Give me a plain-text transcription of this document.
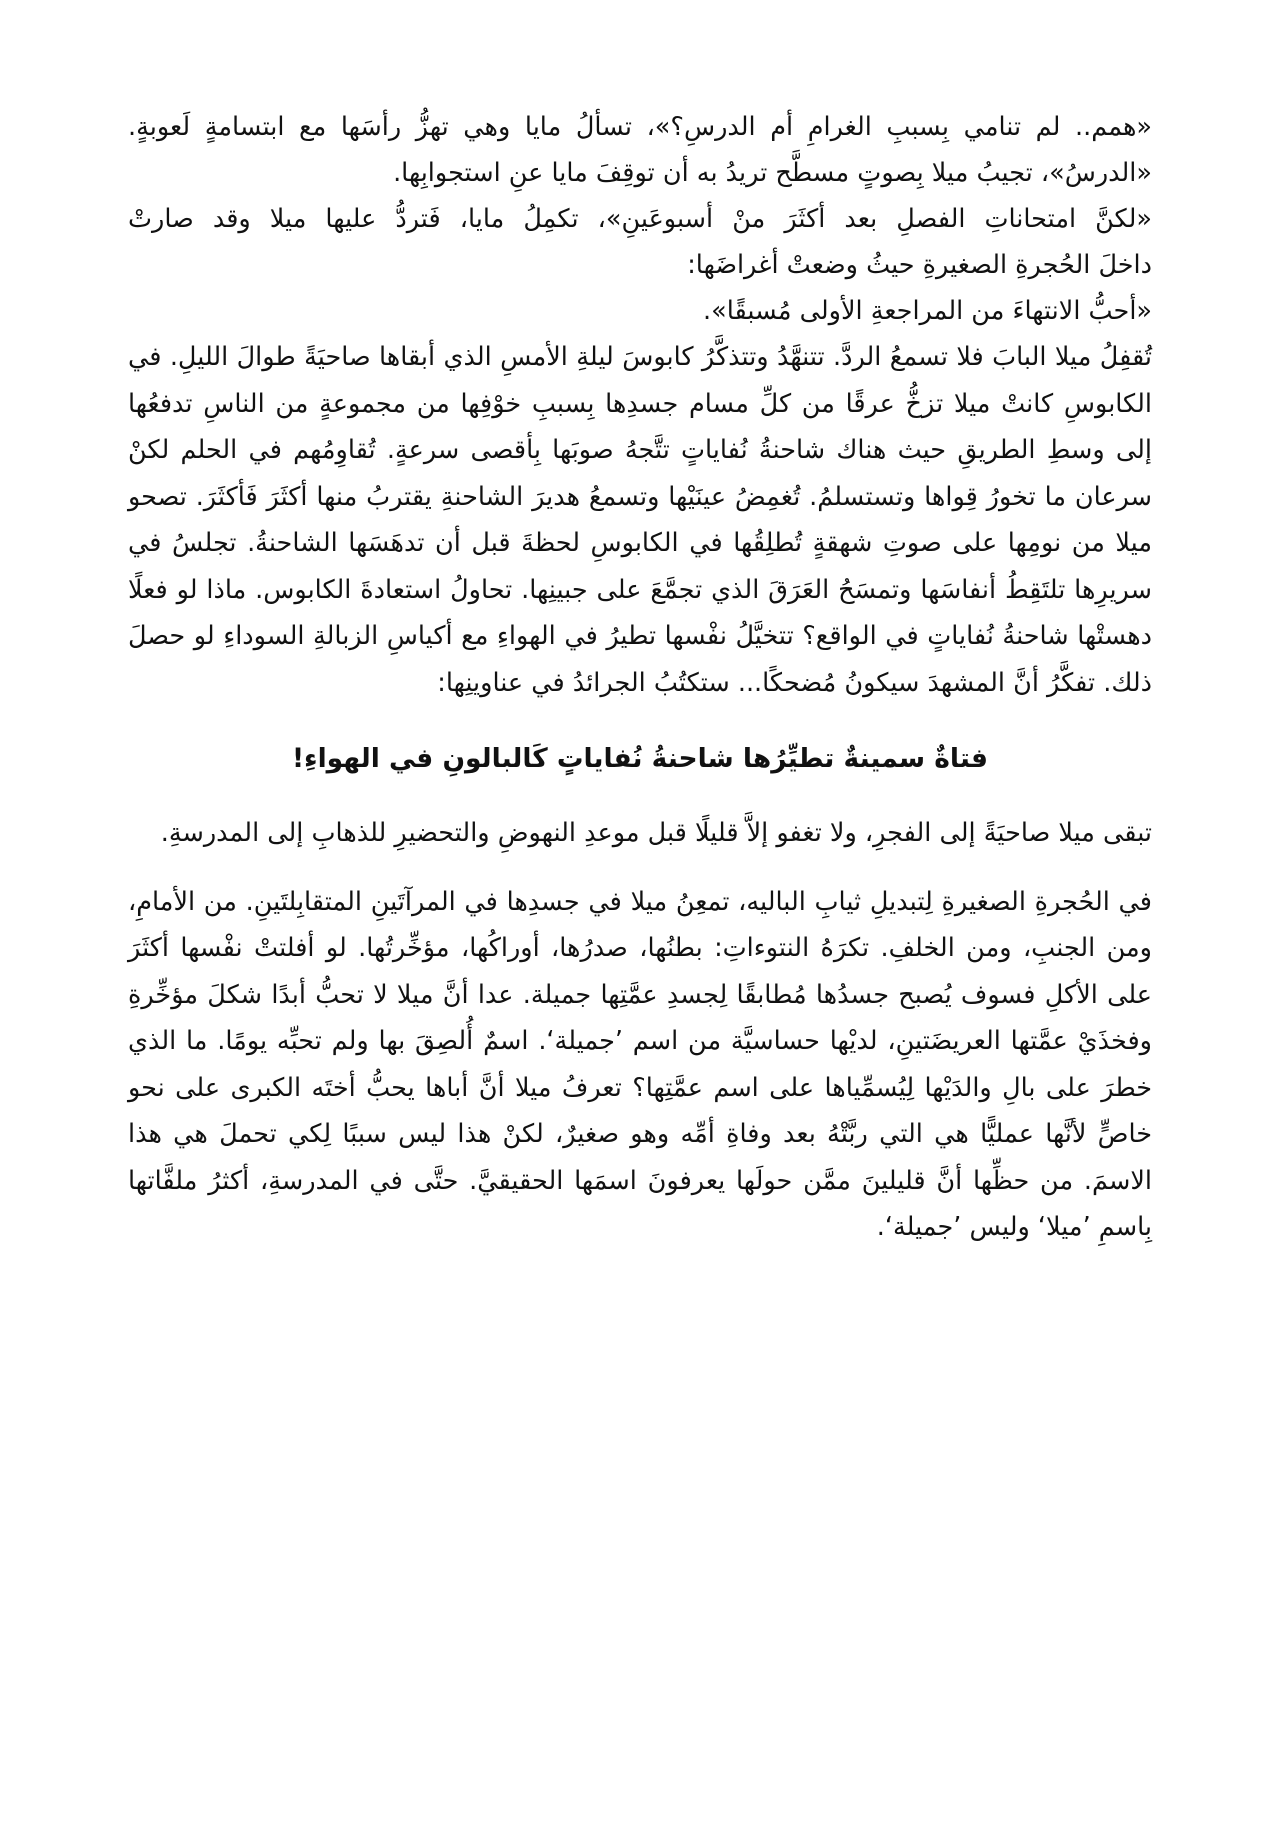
«همم.. لم تنامي بِسببِ الغرامِ أم الدرسِ؟»، تسألُ مايا وهي تهزُّ رأسَها مع ابتسامةٍ لَعوبةٍ.

«الدرسُ»، تجيبُ ميلا بِصوتٍ مسطَّح تريدُ به أن توقِفَ مايا عنِ استجوابِها.

«لكنَّ امتحاناتِ الفصلِ بعد أكثَرَ منْ أسبوعَينِ»، تكمِلُ مايا، فَتردُّ عليها ميلا وقد صارتْ

داخلَ الحُجرةِ الصغيرةِ حيثُ وضعتْ أغراضَها:

«أحبُّ الانتهاءَ من المراجعةِ الأولى مُسبقًا».

تُقفِلُ ميلا البابَ فلا تسمعُ الردَّ. تتنهَّدُ وتتذكَّرُ كابوسَ ليلةِ الأمسِ الذي أبقاها صاحيَةً طوالَ الليلِ. في الكابوسِ كانتْ ميلا تزخُّ عرقًا من كلِّ مسام جسدِها بِسببِ خوْفِها من مجموعةٍ من الناسِ تدفعُها إلى وسطِ الطريقِ حيث هناك شاحنةُ نُفاياتٍ تتَّجهُ صوبَها بِأقصى سرعةٍ. تُقاوِمُهم في الحلم لكنْ سرعان ما تخورُ قِواها وتستسلمُ. تُغمِضُ عينَيْها وتسمعُ هديرَ الشاحنةِ يقتربُ منها أكثَرَ فَأكثَرَ. تصحو ميلا من نومِها على صوتِ شهقةٍ تُطلِقُها في الكابوسِ لحظةَ قبل أن تدهَسَها الشاحنةُ. تجلسُ في سريرِها تلتَقِطُ أنفاسَها وتمسَحُ العَرَقَ الذي تجمَّعَ على جبينِها. تحاولُ استعادةَ الكابوس. ماذا لو فعلًا دهستْها شاحنةُ نُفاياتٍ في الواقع؟ تتخيَّلُ نفْسها تطيرُ في الهواءِ مع أكياسِ الزبالةِ السوداءِ لو حصلَ ذلك. تفكَّرُ أنَّ المشهدَ سيكونُ مُضحكًا... ستكتُبُ الجرائدُ في عناوينِها:

فتاةٌ سمينةٌ تطيِّرُها شاحنةُ نُفاياتٍ كَالبالونِ في الهواءِ!

تبقى ميلا صاحيَةً إلى الفجرِ، ولا تغفو إلاَّ قليلًا قبل موعدِ النهوضِ والتحضيرِ للذهابِ إلى المدرسةِ.

في الحُجرةِ الصغيرةِ لِتبديلِ ثيابِ الباليه، تمعِنُ ميلا في جسدِها في المرآتَينِ المتقابِلتَينِ. من الأمامِ، ومن الجنبِ، ومن الخلفِ. تكرَهُ النتوءاتِ: بطنُها، صدرُها، أوراكُها، مؤخِّرتُها. لو أفلتتْ نفْسها أكثَرَ على الأكلِ فسوف يُصبح جسدُها مُطابقًا لِجسدِ عمَّتِها جميلة. عدا أنَّ ميلا لا تحبُّ أبدًا شكلَ مؤخِّرةِ وفخذَيْ عمَّتها العريضَتينِ، لديْها حساسيَّة من اسم ’جميلة‘. اسمٌ أُلصِقَ بها ولم تحبِّه يومًا. ما الذي خطرَ على بالِ والدَيْها لِيُسمِّياها على اسم عمَّتِها؟ تعرفُ ميلا أنَّ أباها يحبُّ أختَه الكبرى على نحو خاصٍّ لأنَّها عمليًّا هي التي ربَّتْهُ بعد وفاةِ أمِّه وهو صغيرٌ، لكنْ هذا ليس سببًا لِكي تحملَ هي هذا الاسمَ. من حظِّها أنَّ قليلينَ ممَّن حولَها يعرفونَ اسمَها الحقيقيَّ. حتَّى في المدرسةِ، أكثرُ ملفَّاتها بِاسمِ ’ميلا‘ وليس ’جميلة‘.
